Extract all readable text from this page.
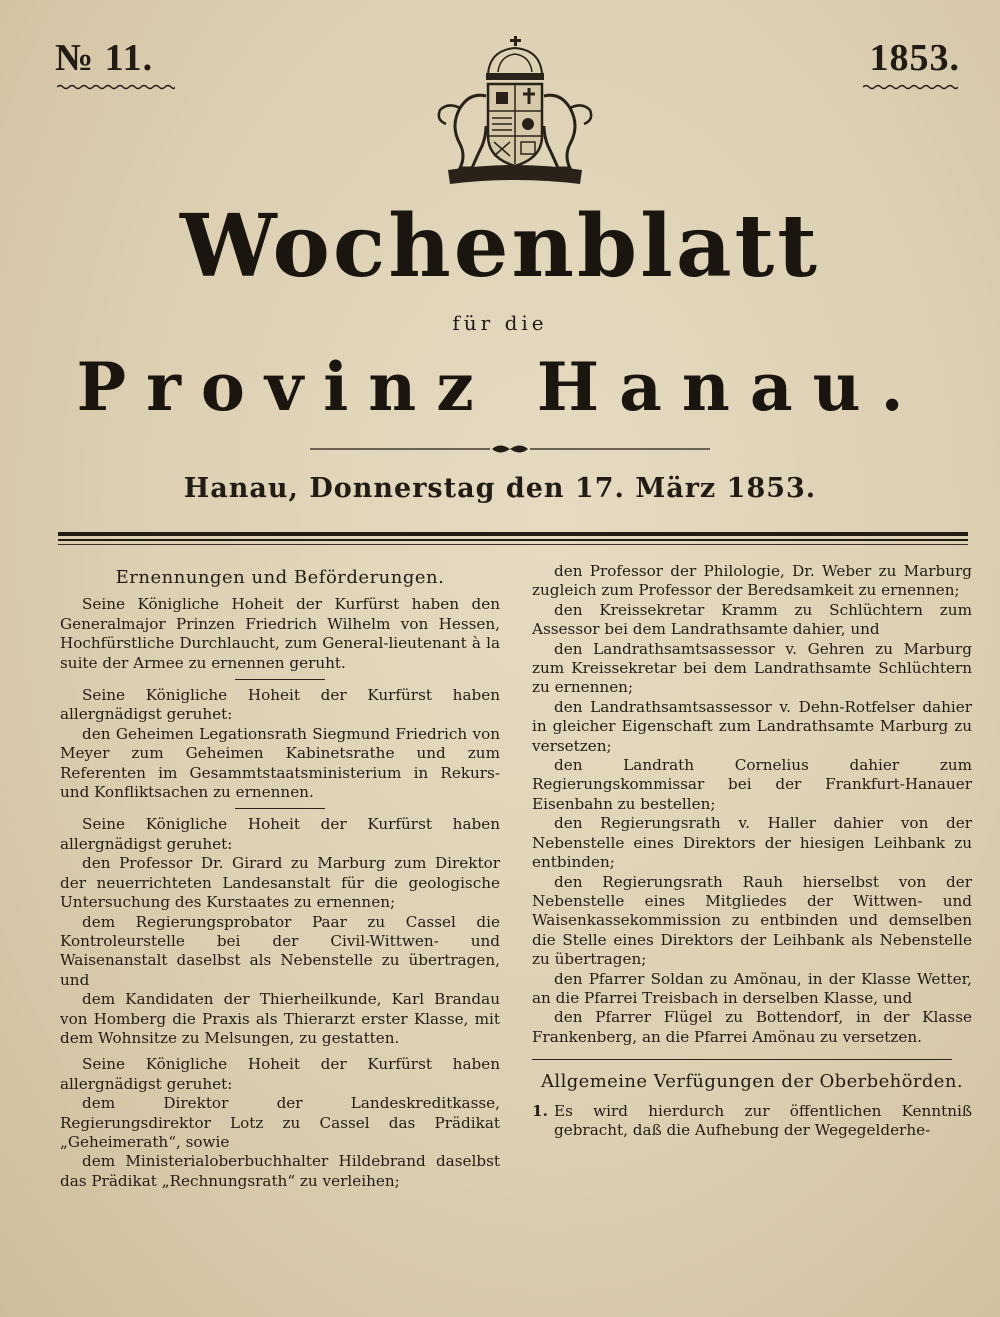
№ 11.	1853.
Wochenblatt
für die
Provinz Hanau.
Hanau, Donnerstag den 17. März 1853.
Ernennungen und Beförderungen.

Seine Königliche Hoheit der Kurfürst haben den Generalmajor Prinzen Friedrich Wilhelm von Hessen, Hochfürstliche Durchlaucht, zum General-lieutenant à la suite der Armee zu ernennen geruht.

Seine Königliche Hoheit der Kurfürst haben allergnädigst geruhet:

den Geheimen Legationsrath Siegmund Friedrich von Meyer zum Geheimen Kabinetsrathe und zum Referenten im Gesammtstaatsministerium in Rekurs- und Konfliktsachen zu ernennen.

Seine Königliche Hoheit der Kurfürst haben allergnädigst geruhet:

den Professor Dr. Girard zu Marburg zum Direktor der neuerrichteten Landesanstalt für die geologische Untersuchung des Kurstaates zu ernennen;

dem Regierungsprobator Paar zu Cassel die Kontroleurstelle bei der Civil-Wittwen- und Waisenanstalt daselbst als Nebenstelle zu übertragen, und

dem Kandidaten der Thierheilkunde, Karl Brandau von Homberg die Praxis als Thierarzt erster Klasse, mit dem Wohnsitze zu Melsungen, zu gestatten.

Seine Königliche Hoheit der Kurfürst haben allergnädigst geruhet:

dem Direktor der Landeskreditkasse, Regierungsdirektor Lotz zu Cassel das Prädikat „Geheimerath“, sowie

dem Ministerialoberbuchhalter Hildebrand daselbst das Prädikat „Rechnungsrath“ zu verleihen;

den Professor der Philologie, Dr. Weber zu Marburg zugleich zum Professor der Beredsamkeit zu ernennen;

den Kreissekretar Kramm zu Schlüchtern zum Assessor bei dem Landrathsamte dahier, und

den Landrathsamtsassessor v. Gehren zu Marburg zum Kreissekretar bei dem Landrathsamte Schlüchtern zu ernennen;

den Landrathsamtsassessor v. Dehn-Rotfelser dahier in gleicher Eigenschaft zum Landrathsamte Marburg zu versetzen;

den Landrath Cornelius dahier zum Regierungskommissar bei der Frankfurt-Hanauer Eisenbahn zu bestellen;

den Regierungsrath v. Haller dahier von der Nebenstelle eines Direktors der hiesigen Leihbank zu entbinden;

den Regierungsrath Rauh hierselbst von der Nebenstelle eines Mitgliedes der Wittwen- und Waisenkassekommission zu entbinden und demselben die Stelle eines Direktors der Leihbank als Nebenstelle zu übertragen;

den Pfarrer Soldan zu Amönau, in der Klasse Wetter, an die Pfarrei Treisbach in derselben Klasse, und

den Pfarrer Flügel zu Bottendorf, in der Klasse Frankenberg, an die Pfarrei Amönau zu versetzen.

Allgemeine Verfügungen der Oberbehörden.
1. Es wird hierdurch zur öffentlichen Kenntniß gebracht, daß die Aufhebung der Wegegelderhe-
